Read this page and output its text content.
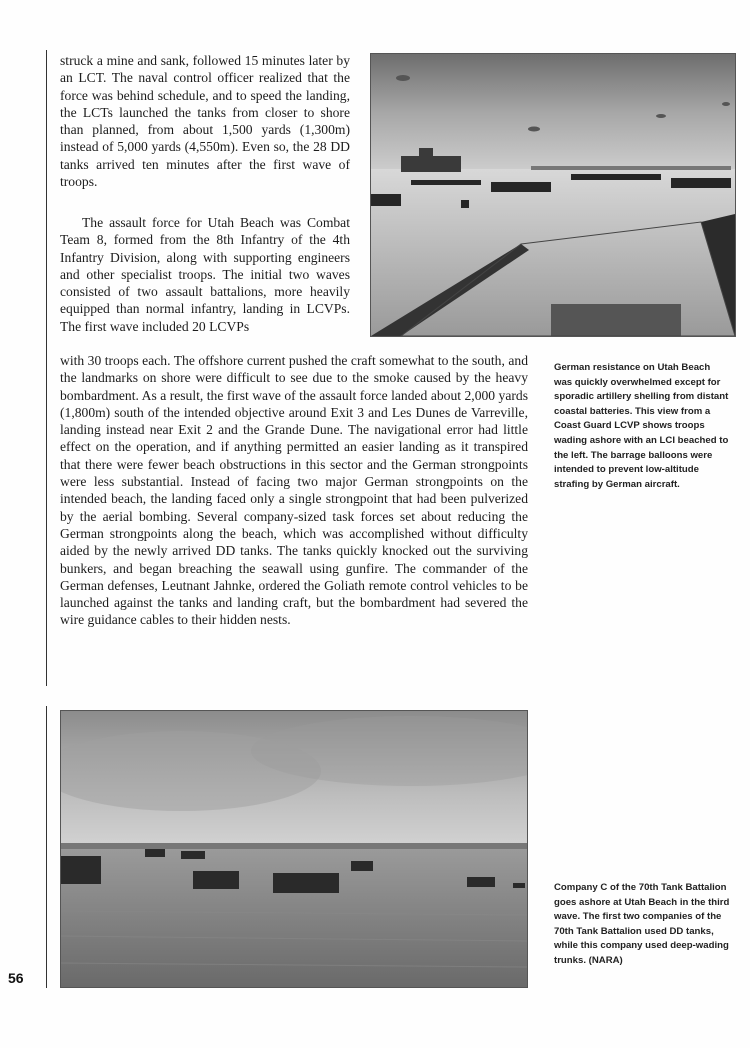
struck a mine and sank, followed 15 minutes later by an LCT. The naval control officer realized that the force was behind schedule, and to speed the landing, the LCTs launched the tanks from closer to shore than planned, from about 1,500 yards (1,300m) instead of 5,000 yards (4,550m). Even so, the 28 DD tanks arrived ten minutes after the first wave of troops.

The assault force for Utah Beach was Combat Team 8, formed from the 8th Infantry of the 4th Infantry Division, along with supporting engineers and other specialist troops. The initial two waves consisted of two assault battalions, more heavily equipped than normal infantry, landing in LCVPs. The first wave included 20 LCVPs

with 30 troops each. The offshore current pushed the craft somewhat to the south, and the landmarks on shore were difficult to see due to the smoke caused by the heavy bombardment. As a result, the first wave of the assault force landed about 2,000 yards (1,800m) south of the intended objective around Exit 3 and Les Dunes de Varreville, landing instead near Exit 2 and the Grande Dune. The navigational error had little effect on the operation, and if anything permitted an easier landing as it transpired that there were fewer beach obstructions in this sector and the German strongpoints were less substantial. Instead of facing two major German strongpoints on the intended beach, the landing faced only a single strongpoint that had been pulverized by the aerial bombing. Several company-sized task forces set about reducing the German strongpoints along the beach, which was accomplished without difficulty aided by the newly arrived DD tanks. The tanks quickly knocked out the surviving bunkers, and began breaching the seawall using gunfire. The commander of the German defenses, Leutnant Jahnke, ordered the Goliath remote control vehicles to be launched against the tanks and landing craft, but the bombardment had severed the wire guidance cables to their hidden nests.

German resistance on Utah Beach was quickly overwhelmed except for sporadic artillery shelling from distant coastal batteries. This view from a Coast Guard LCVP shows troops wading ashore with an LCI beached to the left. The barrage balloons were intended to prevent low-altitude strafing by German aircraft.

Company C of the 70th Tank Battalion goes ashore at Utah Beach in the third wave. The first two companies of the 70th Tank Battalion used DD tanks, while this company used deep-wading trunks. (NARA)

56
